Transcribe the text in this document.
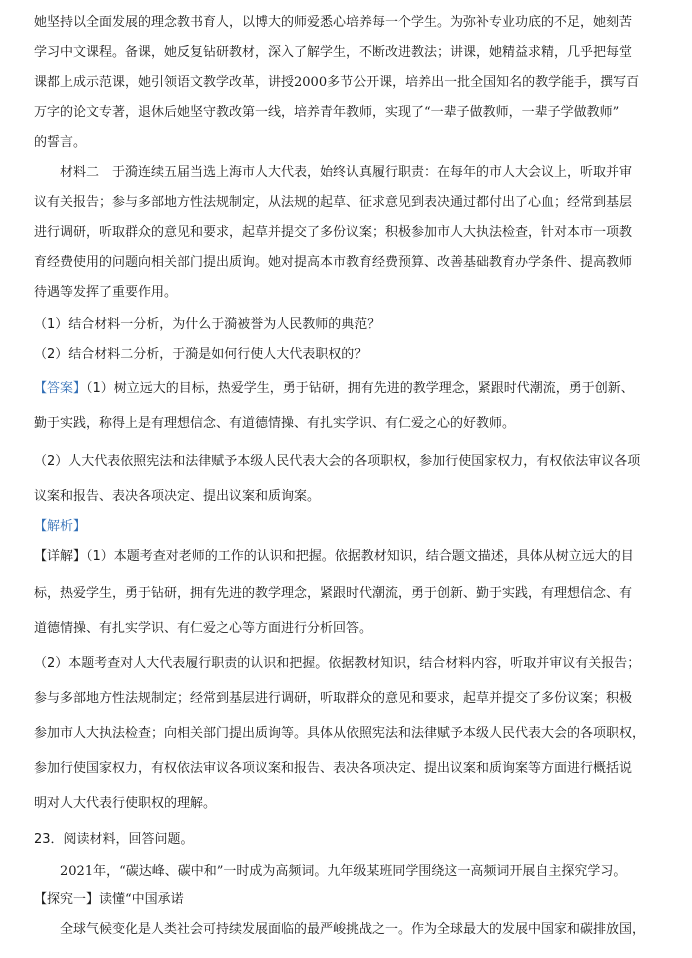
她坚持以全面发展的理念教书育人，以博大的师爱悉心培养每一个学生。为弥补专业功底的不足，她刻苦
学习中文课程。备课，她反复钻研教材，深入了解学生，不断改进教法；讲课，她精益求精，几乎把每堂
课都上成示范课，她引领语文教学改革，讲授2000多节公开课，培养出一批全国知名的教学能手，撰写百
万字的论文专著，退休后她坚守教改第一线，培养青年教师，实现了“一辈子做教师，一辈子学做教师”
的誓言。
材料二　于漪连续五届当选上海市人大代表，始终认真履行职责：在每年的市人大会议上，听取并审
议有关报告；参与多部地方性法规制定，从法规的起草、征求意见到表决通过都付出了心血；经常到基层
进行调研，听取群众的意见和要求，起草并提交了多份议案；积极参加市人大执法检查，针对本市一项教
育经费使用的问题向相关部门提出质询。她对提高本市教育经费预算、改善基础教育办学条件、提高教师
待遇等发挥了重要作用。
（1）结合材料一分析，为什么于漪被誉为人民教师的典范？
（2）结合材料二分析，于漪是如何行使人大代表职权的？
【答案】（1）树立远大的目标，热爱学生，勇于钻研，拥有先进的教学理念，紧跟时代潮流，勇于创新、
勤于实践，称得上是有理想信念、有道德情操、有扎实学识、有仁爱之心的好教师。
（2）人大代表依照宪法和法律赋予本级人民代表大会的各项职权，参加行使国家权力，有权依法审议各项
议案和报告、表决各项决定、提出议案和质询案。
【解析】
【详解】（1）本题考查对老师的工作的认识和把握。依据教材知识，结合题文描述，具体从树立远大的目
标，热爱学生，勇于钻研，拥有先进的教学理念，紧跟时代潮流，勇于创新、勤于实践，有理想信念、有
道德情操、有扎实学识、有仁爱之心等方面进行分析回答。
（2）本题考查对人大代表履行职责的认识和把握。依据教材知识，结合材料内容，听取并审议有关报告；
参与多部地方性法规制定；经常到基层进行调研，听取群众的意见和要求，起草并提交了多份议案；积极
参加市人大执法检查；向相关部门提出质询等。具体从依照宪法和法律赋予本级人民代表大会的各项职权，
参加行使国家权力，有权依法审议各项议案和报告、表决各项决定、提出议案和质询案等方面进行概括说
明对人大代表行使职权的理解。
23．阅读材料，回答问题。
2021年，“碳达峰、碳中和”一时成为高频词。九年级某班同学围绕这一高频词开展自主探究学习。
【探究一】读懂“中国承诺
全球气候变化是人类社会可持续发展面临的最严峻挑战之一。作为全球最大的发展中国家和碳排放国，
